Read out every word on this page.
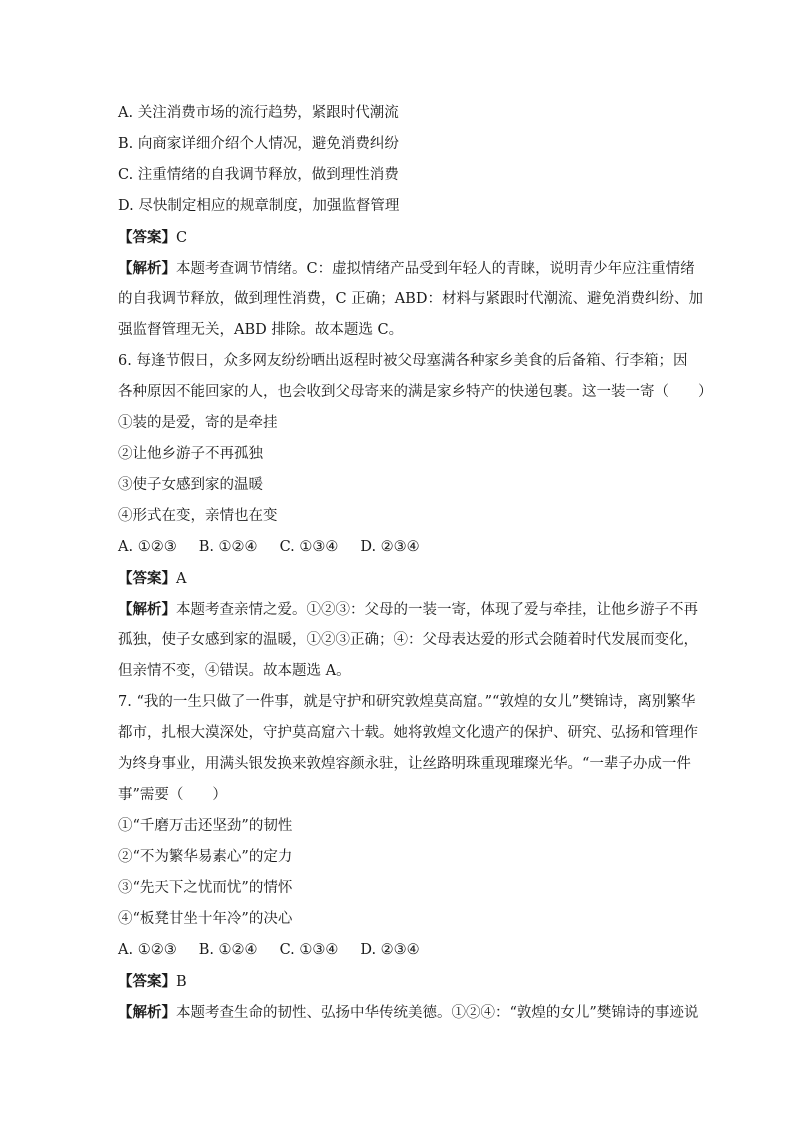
A. 关注消费市场的流行趋势，紧跟时代潮流

B. 向商家详细介绍个人情况，避免消费纠纷

C. 注重情绪的自我调节释放，做到理性消费

D. 尽快制定相应的规章制度，加强监督管理

【答案】C

【解析】本题考查调节情绪。C：虚拟情绪产品受到年轻人的青睐，说明青少年应注重情绪

的自我调节释放，做到理性消费，C 正确；ABD：材料与紧跟时代潮流、避免消费纠纷、加

强监督管理无关，ABD 排除。故本题选 C。

6. 每逢节假日，众多网友纷纷晒出返程时被父母塞满各种家乡美食的后备箱、行李箱；因

各种原因不能回家的人，也会收到父母寄来的满是家乡特产的快递包裹。这一装一寄（　　）

①装的是爱，寄的是牵挂

②让他乡游子不再孤独

③使子女感到家的温暖

④形式在变，亲情也在变

A. ①②③ B. ①②④ C. ①③④ D. ②③④

【答案】A

【解析】本题考查亲情之爱。①②③：父母的一装一寄，体现了爱与牵挂，让他乡游子不再

孤独，使子女感到家的温暖，①②③正确；④：父母表达爱的形式会随着时代发展而变化，

但亲情不变，④错误。故本题选 A。

7. “我的一生只做了一件事，就是守护和研究敦煌莫高窟。”“敦煌的女儿”樊锦诗，离别繁华

都市，扎根大漠深处，守护莫高窟六十载。她将敦煌文化遗产的保护、研究、弘扬和管理作

为终身事业，用满头银发换来敦煌容颜永驻，让丝路明珠重现璀璨光华。“一辈子办成一件

事”需要（　　）

①“千磨万击还坚劲”的韧性

②“不为繁华易素心”的定力

③“先天下之忧而忧”的情怀

④“板凳甘坐十年冷”的决心

A. ①②③ B. ①②④ C. ①③④ D. ②③④

【答案】B

【解析】本题考查生命的韧性、弘扬中华传统美德。①②④：“敦煌的女儿”樊锦诗的事迹说
